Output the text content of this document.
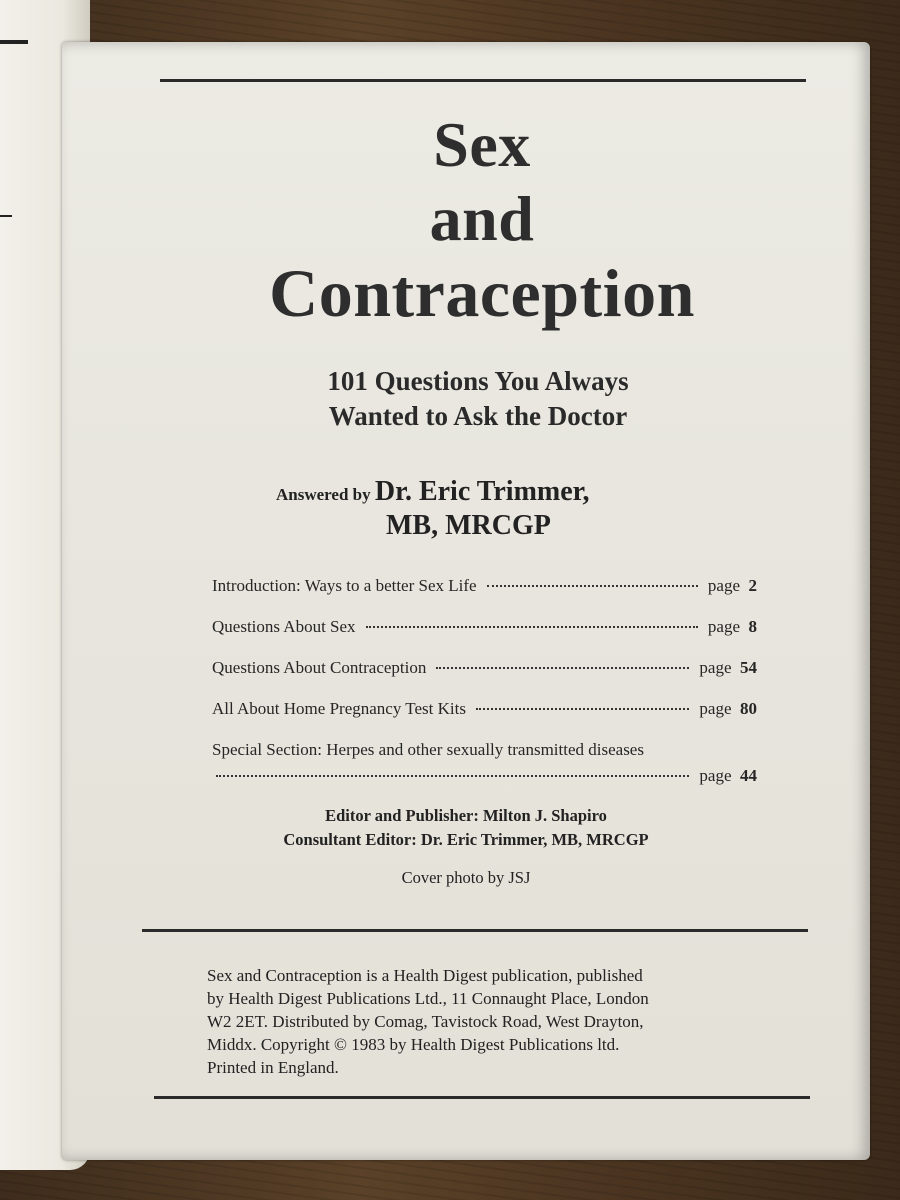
Sex
and
Contraception
101 Questions You Always
Wanted to Ask the Doctor
Answered by Dr. Eric Trimmer,
MB, MRCGP
Introduction: Ways to a better Sex Life	page 2
Questions About Sex	page 8
Questions About Contraception	page 54
All About Home Pregnancy Test Kits	page 80
Special Section: Herpes and other sexually transmitted diseases
page 44
Editor and Publisher: Milton J. Shapiro
Consultant Editor: Dr. Eric Trimmer, MB, MRCGP
Cover photo by JSJ
Sex and Contraception is a Health Digest publication, published
by Health Digest Publications Ltd., 11 Connaught Place, London
W2 2ET. Distributed by Comag, Tavistock Road, West Drayton,
Middx. Copyright © 1983 by Health Digest Publications ltd.
Printed in England.
